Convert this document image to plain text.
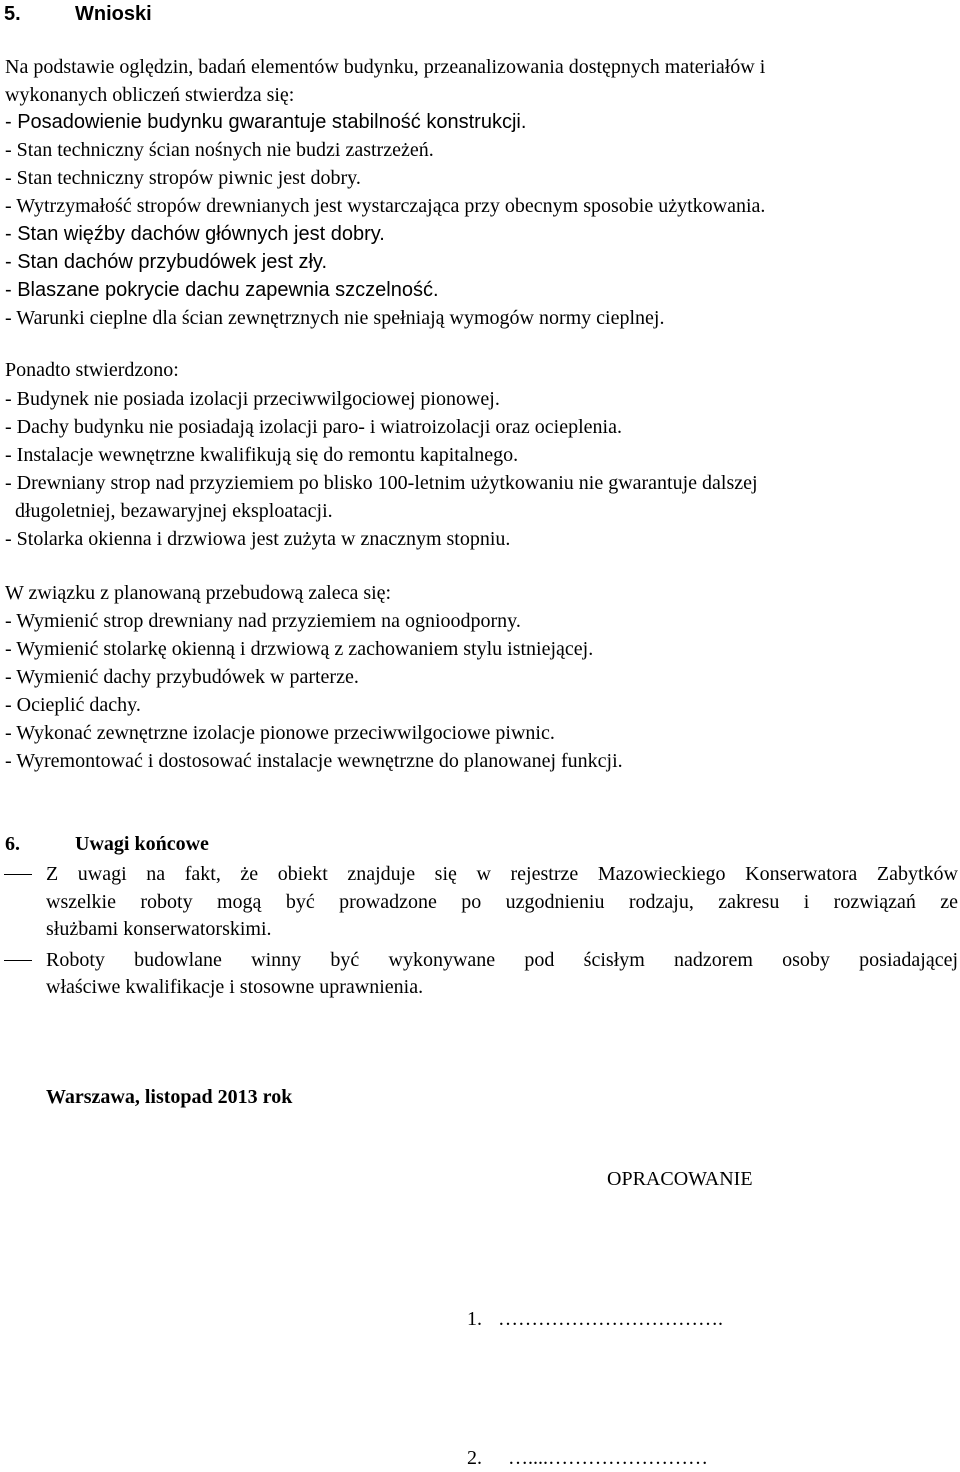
5.	Wnioski
Na podstawie oględzin, badań elementów budynku, przeanalizowania dostępnych materiałów i
wykonanych obliczeń stwierdza się:
- Posadowienie budynku gwarantuje stabilność konstrukcji.
- Stan techniczny ścian nośnych nie budzi zastrzeżeń.
- Stan techniczny stropów piwnic jest dobry.
- Wytrzymałość stropów drewnianych jest wystarczająca przy obecnym sposobie użytkowania.
- Stan więźby dachów głównych jest dobry.
- Stan dachów przybudówek jest zły.
- Blaszane pokrycie dachu zapewnia szczelność.
- Warunki cieplne dla ścian zewnętrznych nie spełniają wymogów normy cieplnej.
Ponadto stwierdzono:
- Budynek nie posiada izolacji przeciwwilgociowej pionowej.
- Dachy budynku nie posiadają izolacji paro- i wiatroizolacji oraz ocieplenia.
- Instalacje wewnętrzne kwalifikują się do remontu kapitalnego.
- Drewniany strop nad przyziemiem po blisko 100-letnim użytkowaniu nie gwarantuje dalszej
długoletniej, bezawaryjnej eksploatacji.
- Stolarka okienna i drzwiowa jest zużyta w znacznym stopniu.
W związku z planowaną przebudową zaleca się:
- Wymienić strop drewniany nad przyziemiem na ognioodporny.
- Wymienić stolarkę okienną i drzwiową z zachowaniem stylu istniejącej.
- Wymienić dachy przybudówek w parterze.
- Ocieplić dachy.
- Wykonać zewnętrzne izolacje pionowe przeciwwilgociowe piwnic.
- Wyremontować i dostosować instalacje wewnętrzne do planowanej funkcji.
6.	Uwagi końcowe
Z uwagi na fakt, że obiekt znajduje się w rejestrze Mazowieckiego Konserwatora Zabytków
wszelkie roboty mogą być prowadzone po uzgodnieniu rodzaju, zakresu i rozwiązań ze
służbami konserwatorskimi.
Roboty budowlane winny być wykonywane pod ścisłym nadzorem osoby posiadającej
właściwe kwalifikacje i stosowne uprawnienia.
Warszawa, listopad 2013 rok
OPRACOWANIE
1. …………………………….
2. …....……………………
